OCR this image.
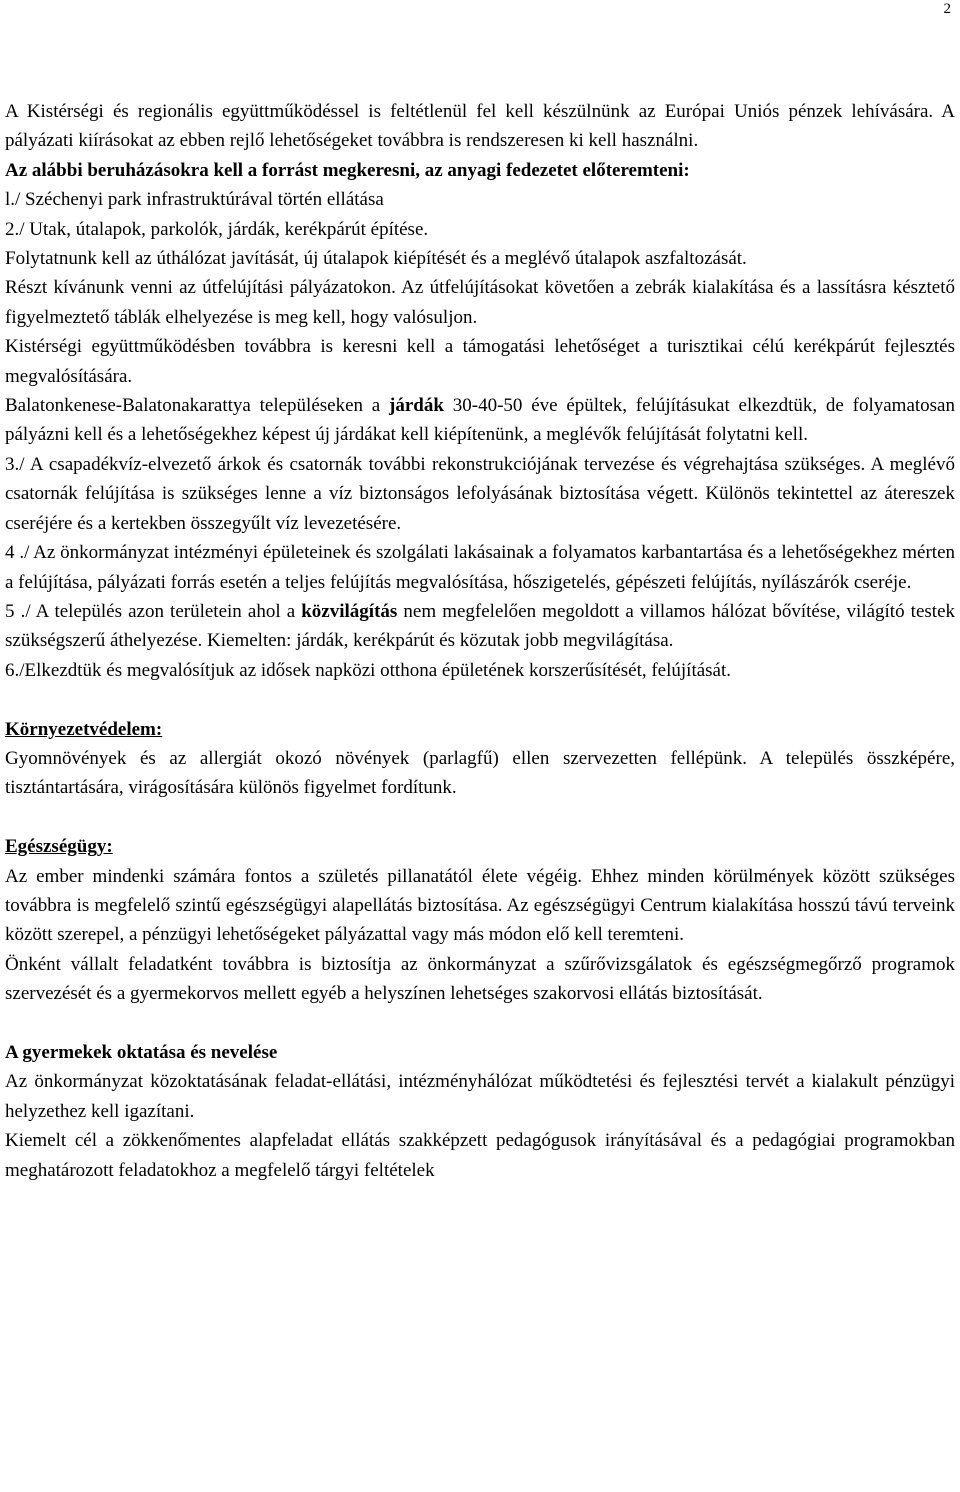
2

A Kistérségi és regionális együttműködéssel is feltétlenül fel kell készülnünk az Európai Uniós pénzek lehívására. A pályázati kiírásokat az ebben rejlő lehetőségeket továbbra is rendszeresen ki kell használni.

Az alábbi beruházásokra kell a forrást megkeresni, az anyagi fedezetet előteremteni:

l./ Széchenyi park infrastruktúrával történ ellátása

2./ Utak, útalapok, parkolók, járdák, kerékpárút építése.

Folytatnunk kell az úthálózat javítását, új útalapok kiépítését és a meglévő útalapok aszfaltozását.

Részt kívánunk venni az útfelújítási pályázatokon. Az útfelújításokat követően a zebrák kialakítása és a lassításra késztető figyelmeztető táblák elhelyezése is meg kell, hogy valósuljon.

Kistérségi együttműködésben továbbra is keresni kell a támogatási lehetőséget a turisztikai célú kerékpárút fejlesztés megvalósítására.

Balatonkenese-Balatonakarattya településeken a járdák 30-40-50 éve épültek, felújításukat elkezdtük, de folyamatosan pályázni kell és a lehetőségekhez képest új járdákat kell kiépítenünk, a meglévők felújítását folytatni kell.

3./ A csapadékvíz-elvezető árkok és csatornák további rekonstrukciójának tervezése és végrehajtása szükséges. A meglévő csatornák felújítása is szükséges lenne a víz biztonságos lefolyásának biztosítása végett. Különös tekintettel az átereszek cseréjére és a kertekben összegyűlt víz levezetésére.

4 ./ Az önkormányzat intézményi épületeinek és szolgálati lakásainak a folyamatos karbantartása és a lehetőségekhez mérten a felújítása, pályázati forrás esetén a teljes felújítás megvalósítása, hőszigetelés, gépészeti felújítás, nyílászárók cseréje.

5 ./ A település azon területein ahol a közvilágítás nem megfelelően megoldott a villamos hálózat bővítése, világító testek szükségszerű áthelyezése. Kiemelten: járdák, kerékpárút és közutak jobb megvilágítása.

6./Elkezdtük és megvalósítjuk az idősek napközi otthona épületének korszerűsítését, felújítását.

Környezetvédelem:

Gyomnövények és az allergiát okozó növények (parlagfű) ellen szervezetten fellépünk. A település összképére, tisztántartására, virágosítására különös figyelmet fordítunk.

Egészségügy:

Az ember mindenki számára fontos a születés pillanatától élete végéig. Ehhez minden körülmények között szükséges továbbra is megfelelő szintű egészségügyi alapellátás biztosítása. Az egészségügyi Centrum kialakítása hosszú távú terveink között szerepel, a pénzügyi lehetőségeket pályázattal vagy más módon elő kell teremteni.

Önként vállalt feladatként továbbra is biztosítja az önkormányzat a szűrővizsgálatok és egészségmegőrző programok szervezését és a gyermekorvos mellett egyéb a helyszínen lehetséges szakorvosi ellátás biztosítását.

A gyermekek oktatása és nevelése

Az önkormányzat közoktatásának feladat-ellátási, intézményhálózat működtetési és fejlesztési tervét a kialakult pénzügyi helyzethez kell igazítani.

Kiemelt cél a zökkenőmentes alapfeladat ellátás szakképzett pedagógusok irányításával és a pedagógiai programokban meghatározott feladatokhoz a megfelelő tárgyi feltételek
